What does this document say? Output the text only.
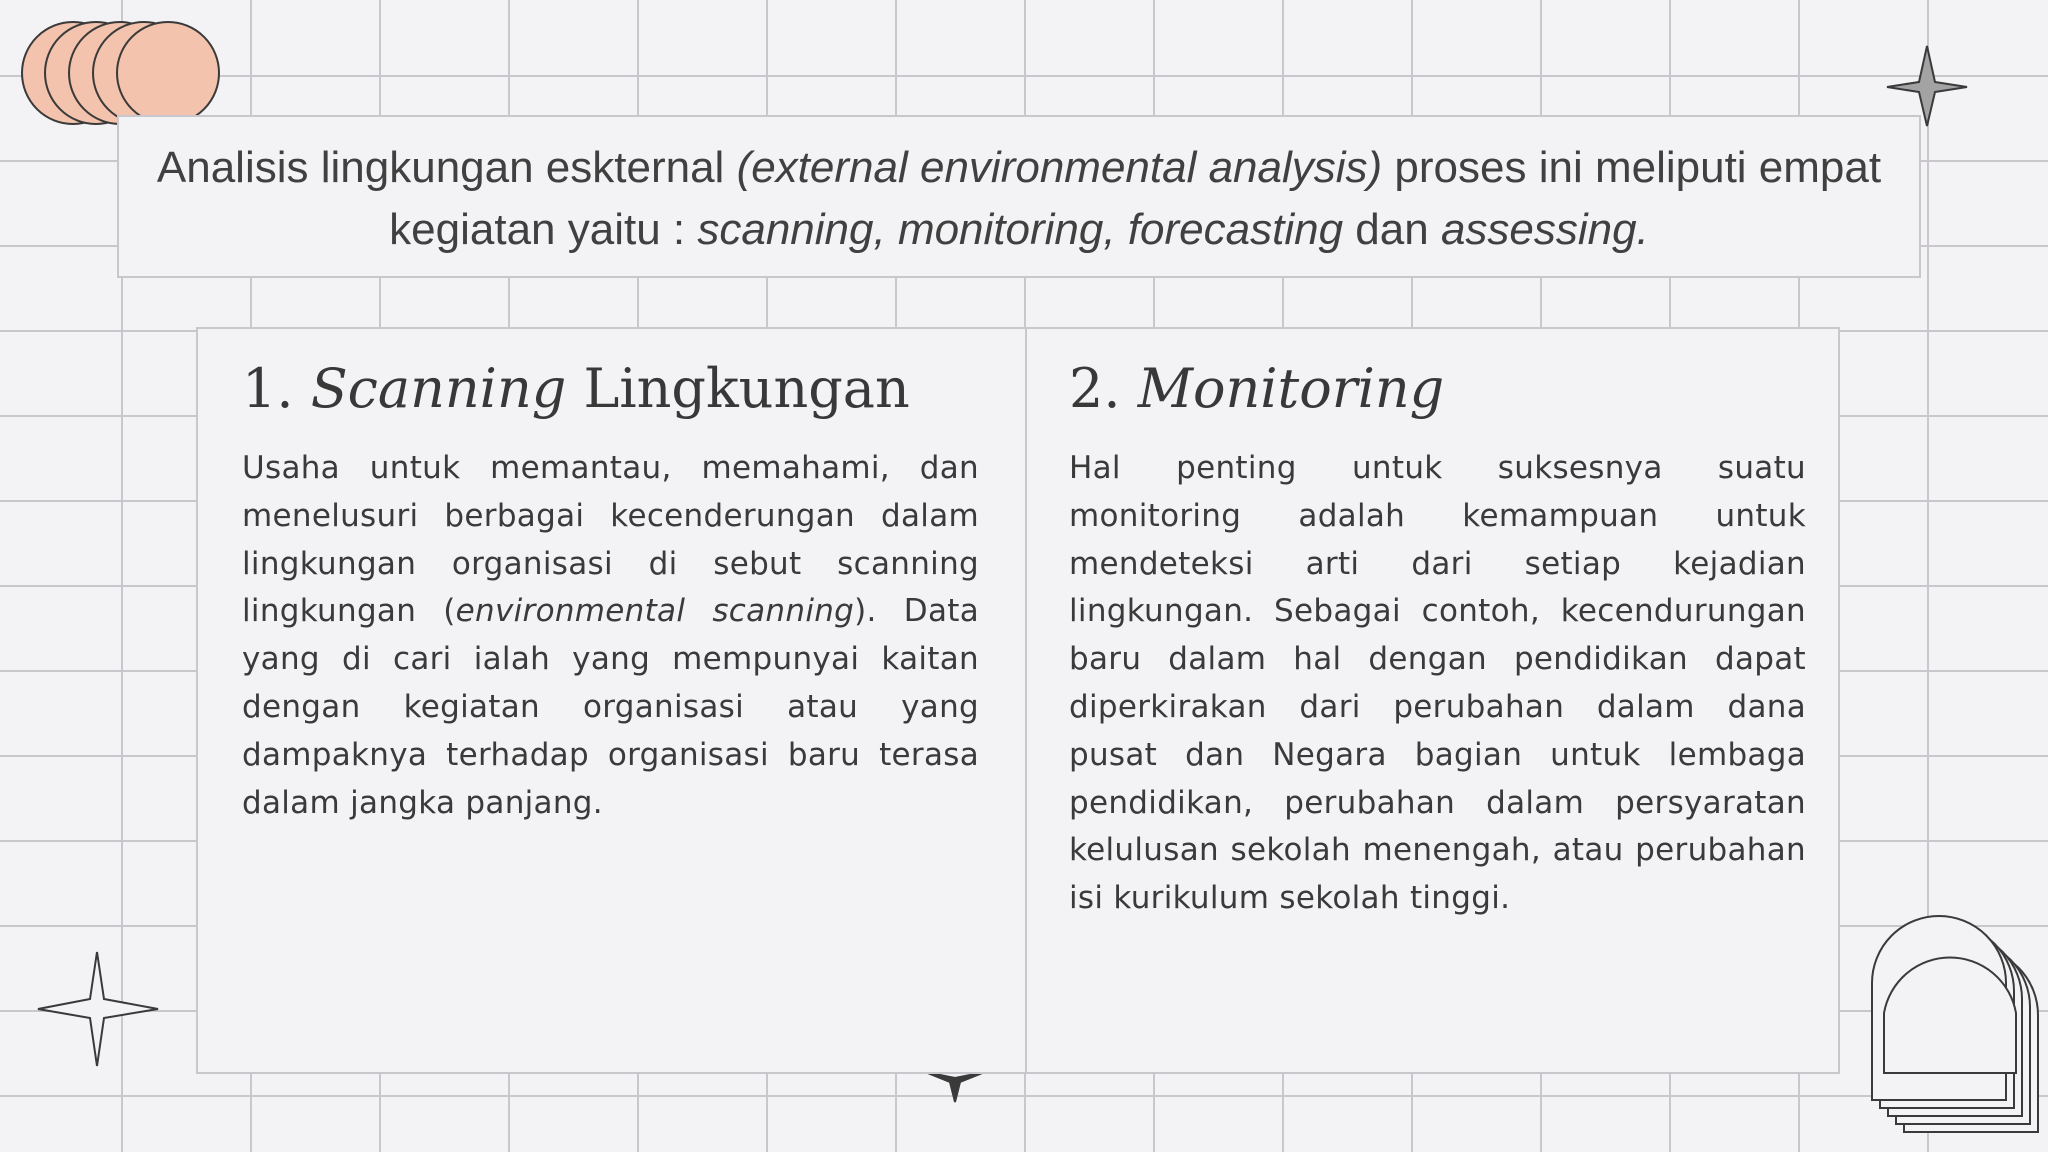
Analisis lingkungan eskternal (external environmental analysis) proses ini meliputi empat kegiatan yaitu : scanning, monitoring, forecasting dan assessing.
1. Scanning Lingkungan

Usaha untuk memantau, memahami, dan menelusuri berbagai kecenderungan dalam lingkungan organisasi di sebut scanning lingkungan (environmental scanning). Data yang di cari ialah yang mempunyai kaitan dengan kegiatan organisasi atau yang dampaknya terhadap organisasi baru terasa dalam jangka panjang.

2. Monitoring

Hal penting untuk suksesnya suatu monitoring adalah kemampuan untuk mendeteksi arti dari setiap kejadian lingkungan. Sebagai contoh, kecendurungan baru dalam hal dengan pendidikan dapat diperkirakan dari perubahan dalam dana pusat dan Negara bagian untuk lembaga pendidikan, perubahan dalam persyaratan kelulusan sekolah menengah, atau perubahan isi kurikulum sekolah tinggi.
